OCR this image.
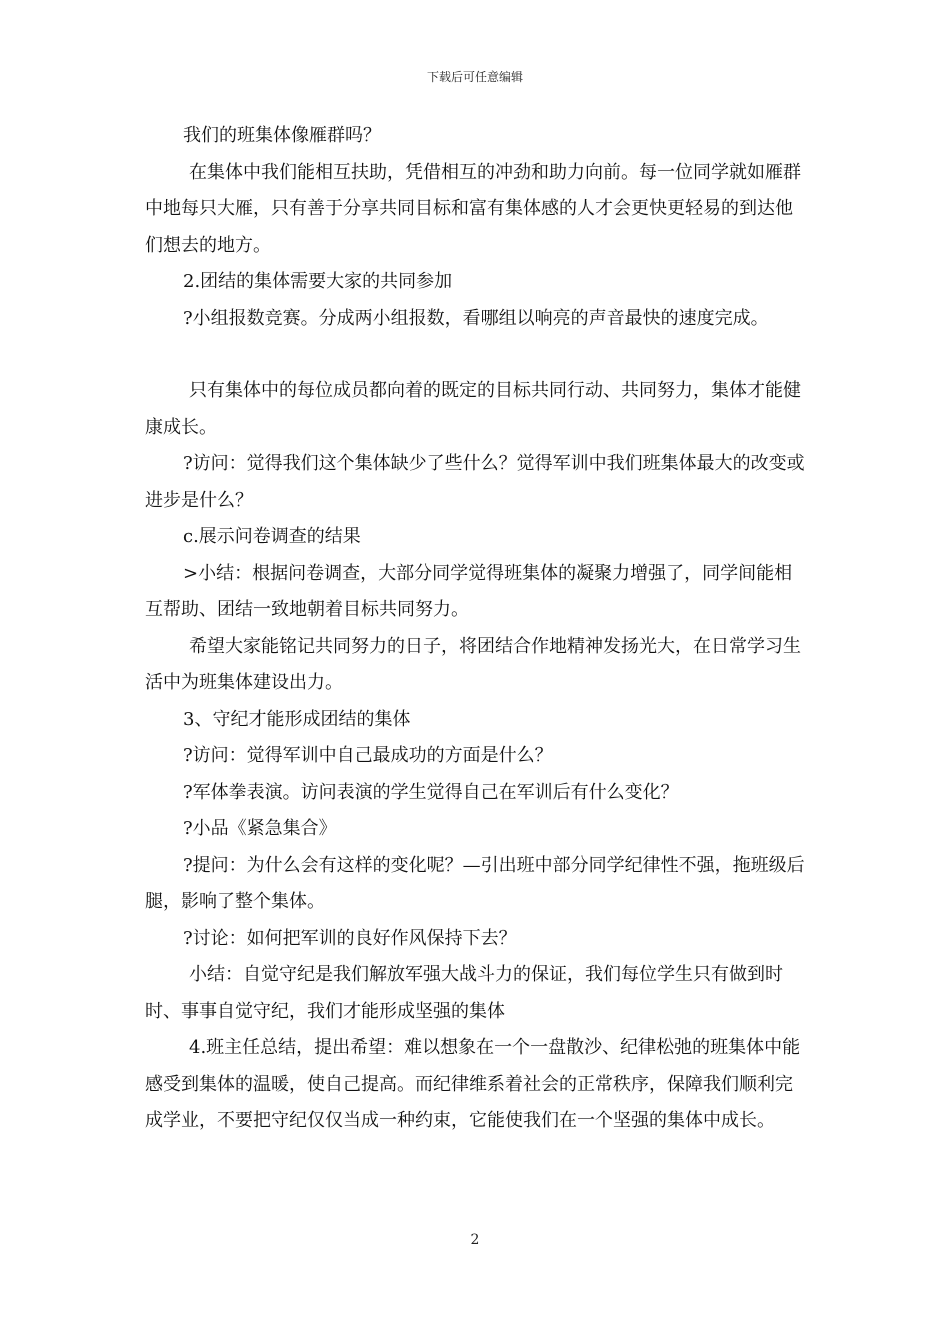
下载后可任意编辑

我们的班集体像雁群吗？

在集体中我们能相互扶助，凭借相互的冲劲和助力向前。每一位同学就如雁群中地每只大雁，只有善于分享共同目标和富有集体感的人才会更快更轻易的到达他们想去的地方。

2.团结的集体需要大家的共同参加

?小组报数竞赛。分成两小组报数，看哪组以响亮的声音最快的速度完成。

只有集体中的每位成员都向着的既定的目标共同行动、共同努力，集体才能健康成长。

?访问：觉得我们这个集体缺少了些什么？觉得军训中我们班集体最大的改变或进步是什么？

c.展示问卷调查的结果

>小结：根据问卷调查，大部分同学觉得班集体的凝聚力增强了，同学间能相互帮助、团结一致地朝着目标共同努力。

希望大家能铭记共同努力的日子，将团结合作地精神发扬光大，在日常学习生活中为班集体建设出力。

3、守纪才能形成团结的集体

?访问：觉得军训中自己最成功的方面是什么？

?军体拳表演。访问表演的学生觉得自己在军训后有什么变化？

?小品《紧急集合》

?提问：为什么会有这样的变化呢？—引出班中部分同学纪律性不强，拖班级后腿，影响了整个集体。

?讨论：如何把军训的良好作风保持下去？

小结：自觉守纪是我们解放军强大战斗力的保证，我们每位学生只有做到时时、事事自觉守纪，我们才能形成坚强的集体

4.班主任总结，提出希望：难以想象在一个一盘散沙、纪律松弛的班集体中能感受到集体的温暖，使自己提高。而纪律维系着社会的正常秩序，保障我们顺利完成学业，不要把守纪仅仅当成一种约束，它能使我们在一个坚强的集体中成长。

2
